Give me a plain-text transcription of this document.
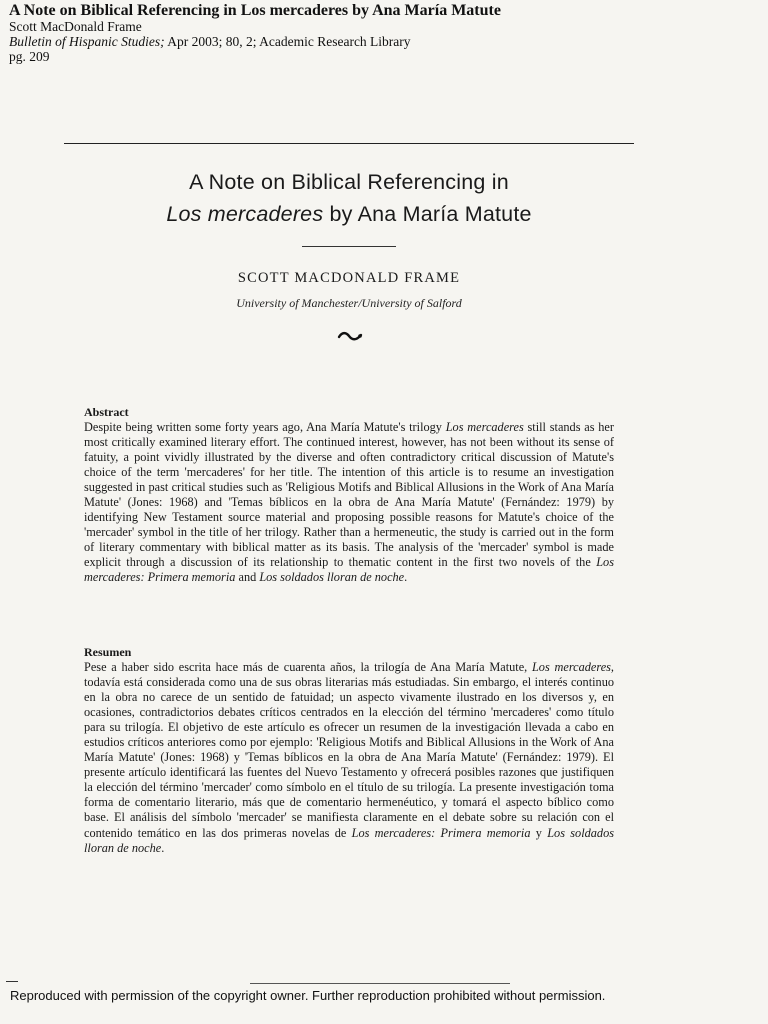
A Note on Biblical Referencing in Los mercaderes by Ana María Matute
Scott MacDonald Frame
Bulletin of Hispanic Studies; Apr 2003; 80, 2; Academic Research Library
pg. 209
A Note on Biblical Referencing in
Los mercaderes by Ana María Matute
SCOTT MACDONALD FRAME
University of Manchester/University of Salford
Abstract
Despite being written some forty years ago, Ana María Matute's trilogy Los mercaderes still stands as her most critically examined literary effort. The continued interest, however, has not been without its sense of fatuity, a point vividly illustrated by the diverse and often contradictory critical discussion of Matute's choice of the term 'mercaderes' for her title. The intention of this article is to resume an investigation suggested in past critical studies such as 'Religious Motifs and Biblical Allusions in the Work of Ana María Matute' (Jones: 1968) and 'Temas bíblicos en la obra de Ana María Matute' (Fernández: 1979) by identifying New Testament source material and proposing possible reasons for Matute's choice of the 'mercader' symbol in the title of her trilogy. Rather than a hermeneutic, the study is carried out in the form of literary commentary with biblical matter as its basis. The analysis of the 'mercader' symbol is made explicit through a discussion of its relationship to thematic content in the first two novels of the Los mercaderes: Primera memoria and Los soldados lloran de noche.
Resumen
Pese a haber sido escrita hace más de cuarenta años, la trilogía de Ana María Matute, Los mercaderes, todavía está considerada como una de sus obras literarias más estudiadas. Sin embargo, el interés continuo en la obra no carece de un sentido de fatuidad; un aspecto vivamente ilustrado en los diversos y, en ocasiones, contradictorios debates críticos centrados en la elección del término 'mercaderes' como título para su trilogía. El objetivo de este artículo es ofrecer un resumen de la investigación llevada a cabo en estudios críticos anteriores como por ejemplo: 'Religious Motifs and Biblical Allusions in the Work of Ana María Matute' (Jones: 1968) y 'Temas bíblicos en la obra de Ana María Matute' (Fernández: 1979). El presente artículo identificará las fuentes del Nuevo Testamento y ofrecerá posibles razones que justifiquen la elección del término 'mercader' como símbolo en el título de su trilogía. La presente investigación toma forma de comentario literario, más que de comentario hermenéutico, y tomará el aspecto bíblico como base. El análisis del símbolo 'mercader' se manifiesta claramente en el debate sobre su relación con el contenido temático en las dos primeras novelas de Los mercaderes: Primera memoria y Los soldados lloran de noche.
Reproduced with permission of the copyright owner. Further reproduction prohibited without permission.
